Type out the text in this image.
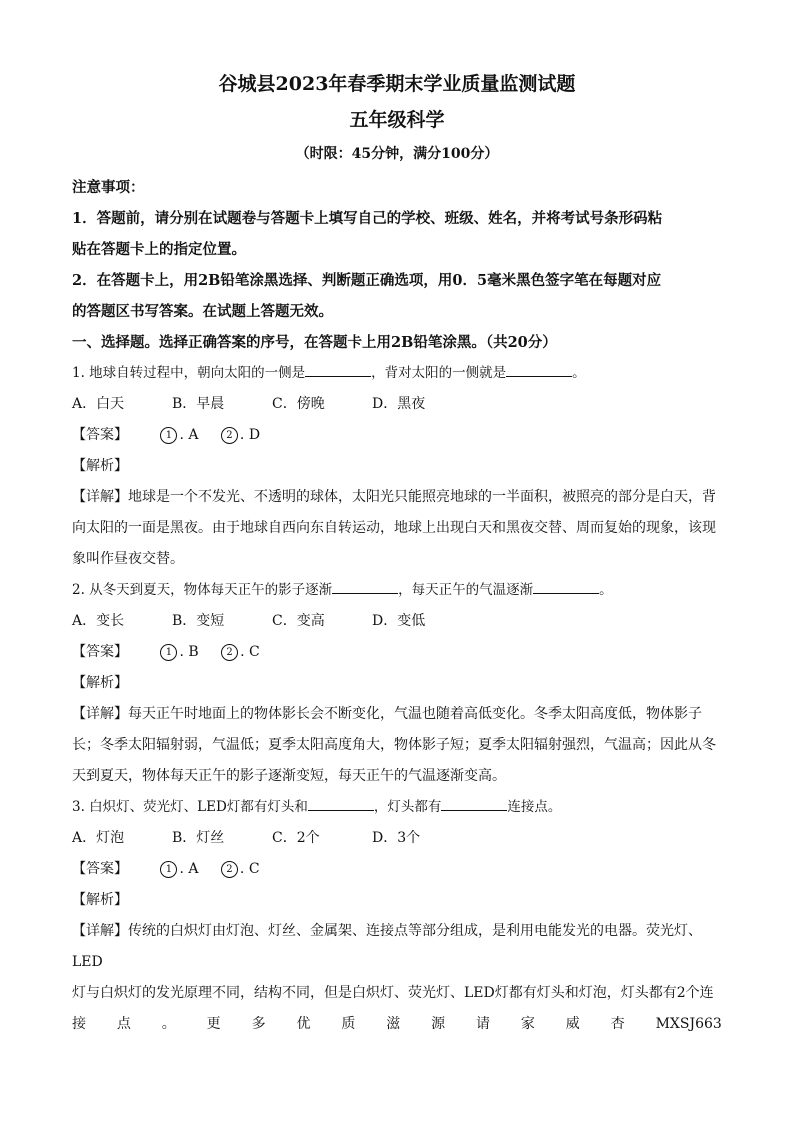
谷城县2023年春季期末学业质量监测试题
五年级科学
（时限：45分钟，满分100分）
注意事项：
1．答题前，请分别在试题卷与答题卡上填写自己的学校、班级、姓名，并将考试号条形码粘
贴在答题卡上的指定位置。
2．在答题卡上，用2B铅笔涂黑选择、判断题正确选项，用0．5毫米黑色签字笔在每题对应
的答题区书写答案。在试题上答题无效。
一、选择题。选择正确答案的序号，在答题卡上用2B铅笔涂黑。（共20分）
1. 地球自转过程中，朝向太阳的一侧是	，背对太阳的一侧就是	。
A．白天	B．早晨	C．傍晚	D．黑夜
【答案】	1 . A	2 . D
【解析】
【详解】地球是一个不发光、不透明的球体，太阳光只能照亮地球的一半面积，被照亮的部分是白天，背
向太阳的一面是黑夜。由于地球自西向东自转运动，地球上出现白天和黑夜交替、周而复始的现象，该现
象叫作昼夜交替。
2. 从冬天到夏天，物体每天正午的影子逐渐	，每天正午的气温逐渐	。
A．变长	B．变短	C．变高	D．变低
【答案】	1 . B	2 . C
【解析】
【详解】每天正午时地面上的物体影长会不断变化，气温也随着高低变化。冬季太阳高度低，物体影子
长；冬季太阳辐射弱，气温低；夏季太阳高度角大，物体影子短；夏季太阳辐射强烈，气温高；因此从冬
天到夏天，物体每天正午的影子逐渐变短，每天正午的气温逐渐变高。
3. 白炽灯、荧光灯、LED灯都有灯头和	，灯头都有	连接点。
A．灯泡	B．灯丝	C．2个	D．3个
【答案】	1 . A	2 . C
【解析】
【详解】传统的白炽灯由灯泡、灯丝、金属架、连接点等部分组成，是利用电能发光的电器。荧光灯、LED
灯与白炽灯的发光原理不同，结构不同，但是白炽灯、荧光灯、LED灯都有灯头和灯泡，灯头都有2个连
接 点 。 更 多 优 质 滋 源 请 家 威 杏 MXSJ663
